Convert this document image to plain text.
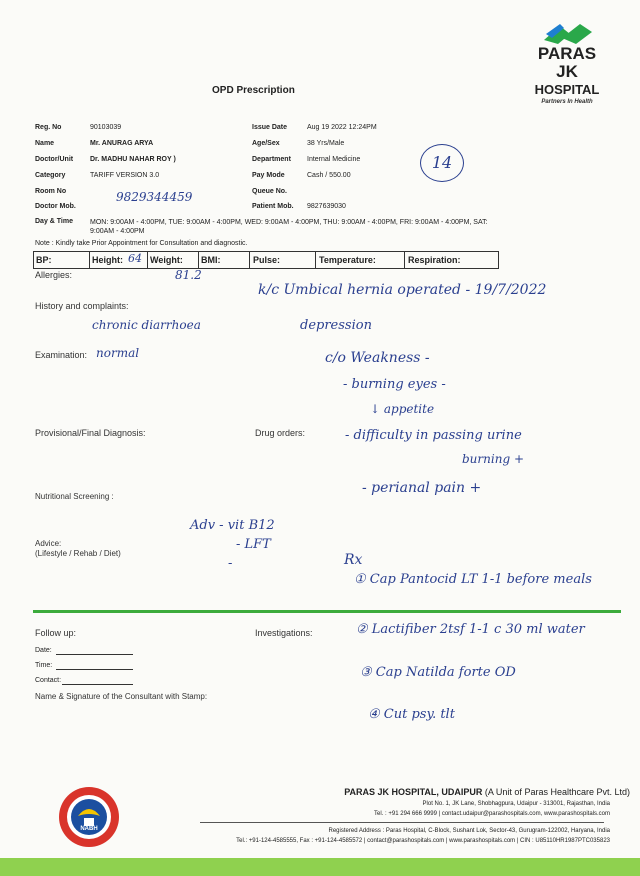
PARAS
JK
HOSPITAL
Partners In Health
OPD Prescription
Reg. No	90103039
Name	Mr. ANURAG ARYA
Doctor/Unit Dr. MADHU NAHAR ROY )
Category	TARIFF VERSION 3.0
Room No
Doctor Mob.
9829344459
Issue Date	Aug 19 2022 12:24PM
Age/Sex	38 Yrs/Male
Department Internal Medicine
Pay Mode	Cash / 550.00
Queue No.
Patient Mob. 9827639030
14
Day & Time MON: 9:00AM - 4:00PM, TUE: 9:00AM - 4:00PM, WED: 9:00AM - 4:00PM, THU: 9:00AM - 4:00PM, FRI: 9:00AM - 4:00PM, SAT: 9:00AM - 4:00PM
Note : Kindly take Prior Appointment for Consultation and diagnostic.
BP:	Height: 64 Weight: BMI:	Pulse:	Temperature:	Respiration:
81.2
Allergies:
History and complaints:
Examination:
Provisional/Final Diagnosis:	Drug orders:
Nutritional Screening :
Advice:
(Lifestyle / Rehab / Diet)
Follow up:	Investigations:
Date:
Time:
Contact:
Name & Signature of the Consultant with Stamp:
chronic diarrhoea
k/c Umbical hernia operated - 19/7/2022
depression
normal	c/o Weakness -
- burning eyes -
↓ appetite
- difficulty in passing urine
burning +
- perianal pain +
Adv - vit B12
- LFT
-	Rx
① Cap Pantocid LT 1-1 before meals
② Lactifiber 2tsf 1-1 c 30 ml water
③ Cap Natilda forte OD
④ Cut psy. tlt
NABH
PARAS JK HOSPITAL, UDAIPUR (A Unit of Paras Healthcare Pvt. Ltd)
Plot No. 1, JK Lane, Shobhagpura, Udaipur - 313001, Rajasthan, India
Tel. : +91 294 666 9999 | contact.udaipur@parashospitals.com, www.parashospitals.com
Registered Address : Paras Hospital, C-Block, Sushant Lok, Sector-43, Gurugram-122002, Haryana, India
Tel.: +91-124-4585555, Fax : +91-124-4585572 | contact@parashospitals.com | www.parashospitals.com | CIN : U85110HR1987PTC035823
